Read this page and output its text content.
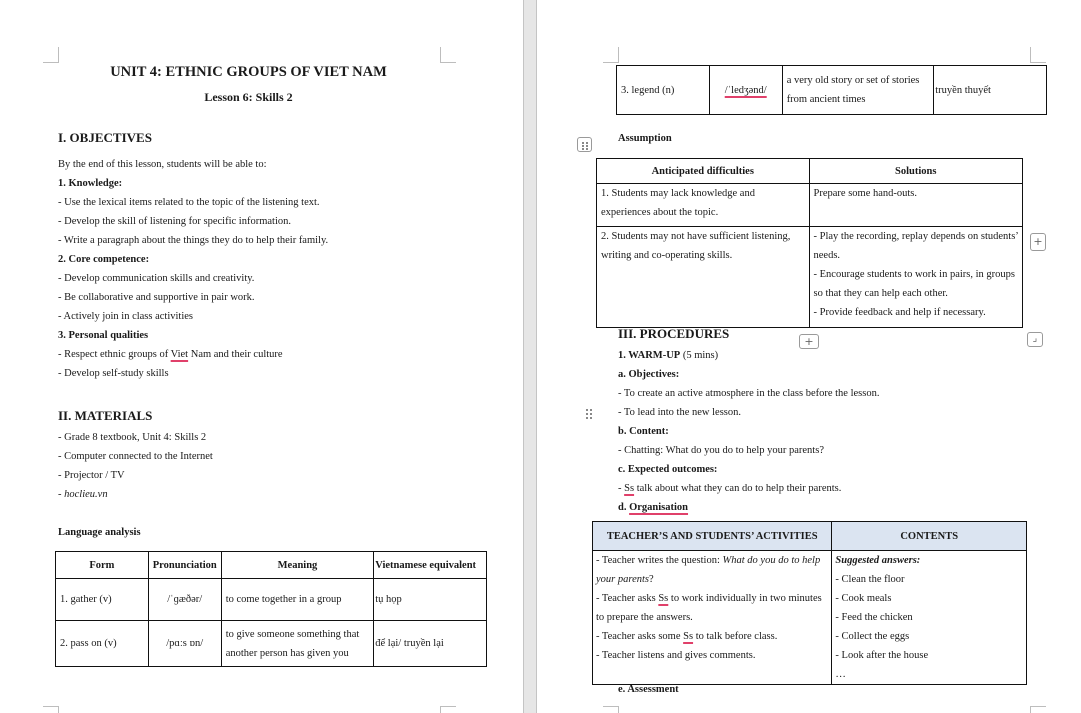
UNIT 4: ETHNIC GROUPS OF VIET NAM
Lesson 6: Skills 2
I. OBJECTIVES
By the end of this lesson, students will be able to:
1. Knowledge:
- Use the lexical items related to the topic of the listening text.
- Develop the skill of listening for specific information.
- Write a paragraph about the things they do to help their family.
2. Core competence:
- Develop communication skills and creativity.
- Be collaborative and supportive in pair work.
- Actively join in class activities
3. Personal qualities
- Respect ethnic groups of Viet Nam and their culture
- Develop self-study skills
II. MATERIALS
- Grade 8 textbook, Unit 4: Skills 2
- Computer connected to the Internet
- Projector / TV
- hoclieu.vn
Language analysis
Form	Pronunciation	Meaning	Vietnamese equivalent
1. gather (v)	/ˈɡæðər/	to come together in a group	tụ họp
2. pass on (v)	/pɑːs ɒn/	to give someone something that another person has given you	để lại/ truyền lại
3. legend (n)	/ˈledʒənd/	a very old story or set of stories from ancient times	truyền thuyết
Assumption
Anticipated difficulties	Solutions
1. Students may lack knowledge and experiences about the topic.	Prepare some hand-outs.
2. Students may not have sufficient listening, writing and co-operating skills.	- Play the recording, replay depends on students’ needs.
- Encourage students to work in pairs, in groups so that they can help each other.
- Provide feedback and help if necessary.
+
+	⌟
III. PROCEDURES
1. WARM-UP (5 mins)
a. Objectives:
- To create an active atmosphere in the class before the lesson.
- To lead into the new lesson.
b. Content:
- Chatting: What do you do to help your parents?
c. Expected outcomes:
- Ss talk about what they can do to help their parents.
d. Organisation
TEACHER’S AND STUDENTS’ ACTIVITIES	CONTENTS

- Teacher writes the question: What do you do to help your parents?
- Teacher asks Ss to work individually in two minutes to prepare the answers.
- Teacher asks some Ss to talk before class.
- Teacher listens and gives comments.

Suggested answers:
- Clean the floor
- Cook meals
- Feed the chicken
- Collect the eggs
- Look after the house
…
e. Assessment
